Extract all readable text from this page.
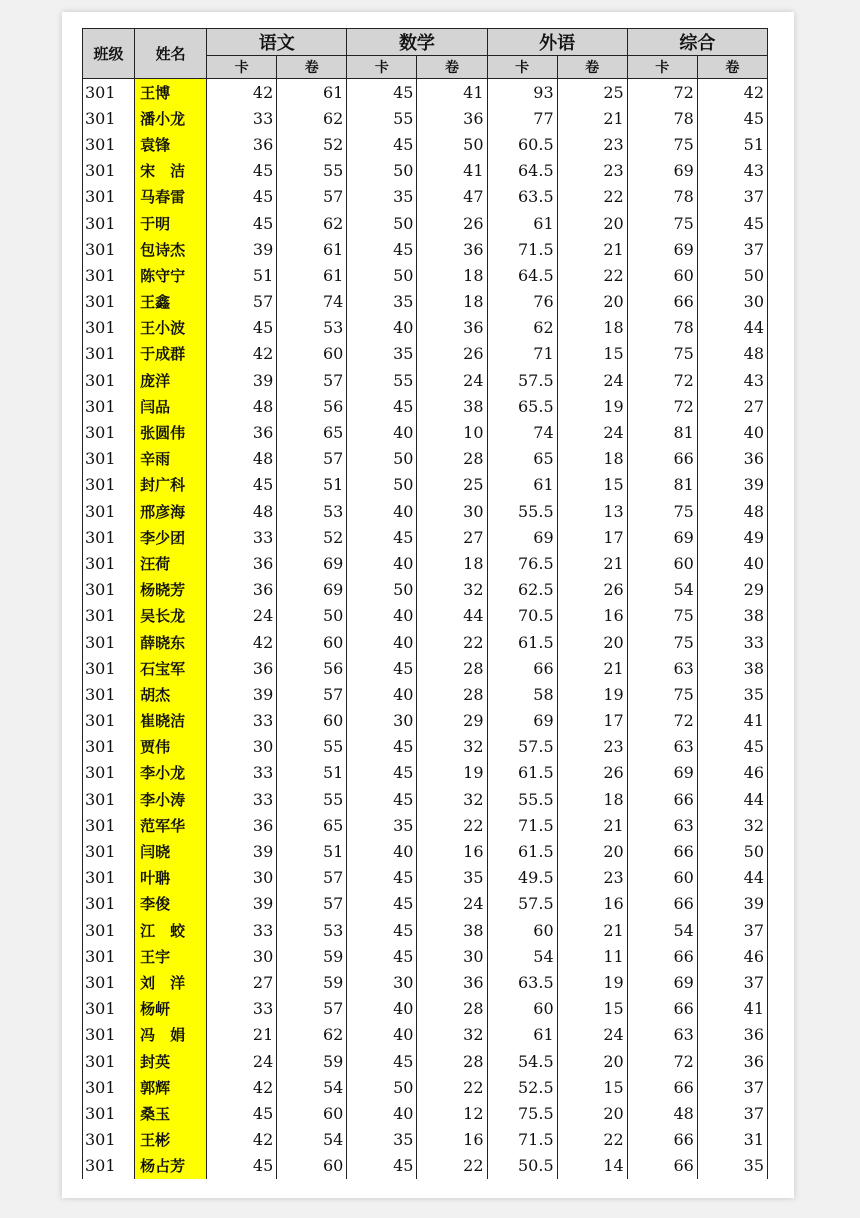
班级	姓名	语文		数学		外语		综合	
		卡	卷	卡	卷	卡	卷	卡	卷
301	王博	42	61	45	41	93	25	72	42
301	潘小龙	33	62	55	36	77	21	78	45
301	袁锋	36	52	45	50	60.5	23	75	51
301	宋　洁	45	55	50	41	64.5	23	69	43
301	马春雷	45	57	35	47	63.5	22	78	37
301	于明	45	62	50	26	61	20	75	45
301	包诗杰	39	61	45	36	71.5	21	69	37
301	陈守宁	51	61	50	18	64.5	22	60	50
301	王鑫	57	74	35	18	76	20	66	30
301	王小波	45	53	40	36	62	18	78	44
301	于成群	42	60	35	26	71	15	75	48
301	庞洋	39	57	55	24	57.5	24	72	43
301	闫品	48	56	45	38	65.5	19	72	27
301	张圆伟	36	65	40	10	74	24	81	40
301	辛雨	48	57	50	28	65	18	66	36
301	封广科	45	51	50	25	61	15	81	39
301	邢彦海	48	53	40	30	55.5	13	75	48
301	李少团	33	52	45	27	69	17	69	49
301	汪荷	36	69	40	18	76.5	21	60	40
301	杨晓芳	36	69	50	32	62.5	26	54	29
301	吴长龙	24	50	40	44	70.5	16	75	38
301	薛晓东	42	60	40	22	61.5	20	75	33
301	石宝军	36	56	45	28	66	21	63	38
301	胡杰	39	57	40	28	58	19	75	35
301	崔晓洁	33	60	30	29	69	17	72	41
301	贾伟	30	55	45	32	57.5	23	63	45
301	李小龙	33	51	45	19	61.5	26	69	46
301	李小涛	33	55	45	32	55.5	18	66	44
301	范军华	36	65	35	22	71.5	21	63	32
301	闫晓	39	51	40	16	61.5	20	66	50
301	叶聃	30	57	45	35	49.5	23	60	44
301	李俊	39	57	45	24	57.5	16	66	39
301	江　蛟	33	53	45	38	60	21	54	37
301	王宇	30	59	45	30	54	11	66	46
301	刘　洋	27	59	30	36	63.5	19	69	37
301	杨岍	33	57	40	28	60	15	66	41
301	冯　娟	21	62	40	32	61	24	63	36
301	封英	24	59	45	28	54.5	20	72	36
301	郭辉	42	54	50	22	52.5	15	66	37
301	桑玉	45	60	40	12	75.5	20	48	37
301	王彬	42	54	35	16	71.5	22	66	31
301	杨占芳	45	60	45	22	50.5	14	66	35
